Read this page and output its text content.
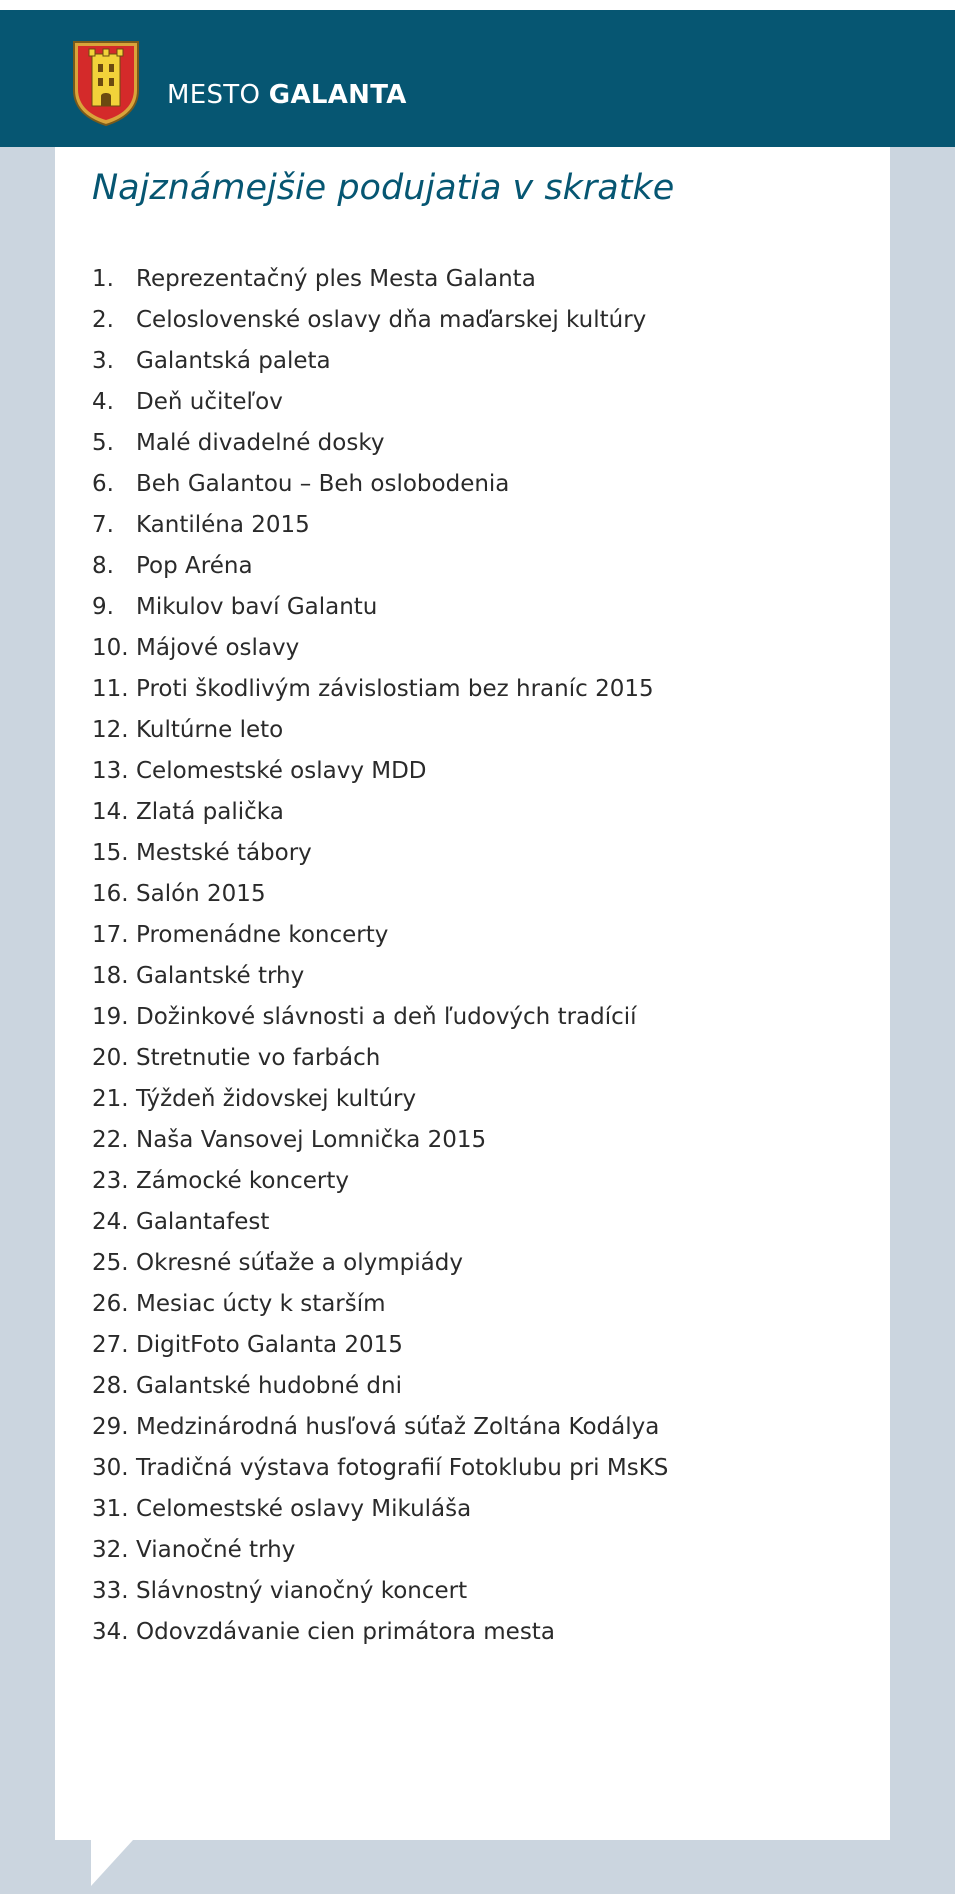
MESTO GALANTA
Najznámejšie podujatia v skratke
1. Reprezentačný ples Mesta Galanta
2. Celoslovenské oslavy dňa maďarskej kultúry
3. Galantská paleta
4. Deň učiteľov
5. Malé divadelné dosky
6. Beh Galantou – Beh oslobodenia
7. Kantiléna 2015
8. Pop Aréna
9. Mikulov baví Galantu
10. Májové oslavy
11. Proti škodlivým závislostiam bez hraníc 2015
12. Kultúrne leto
13. Celomestské oslavy MDD
14. Zlatá palička
15. Mestské tábory
16. Salón 2015
17. Promenádne koncerty
18. Galantské trhy
19. Dožinkové slávnosti a deň ľudových tradícií
20. Stretnutie vo farbách
21. Týždeň židovskej kultúry
22. Naša Vansovej Lomnička 2015
23. Zámocké koncerty
24. Galantafest
25. Okresné súťaže a olympiády
26. Mesiac úcty k starším
27. DigitFoto Galanta 2015
28. Galantské hudobné dni
29. Medzinárodná husľová súťaž Zoltána Kodálya
30. Tradičná výstava fotografií Fotoklubu pri MsKS
31. Celomestské oslavy Mikuláša
32. Vianočné trhy
33. Slávnostný vianočný koncert
34. Odovzdávanie cien primátora mesta
